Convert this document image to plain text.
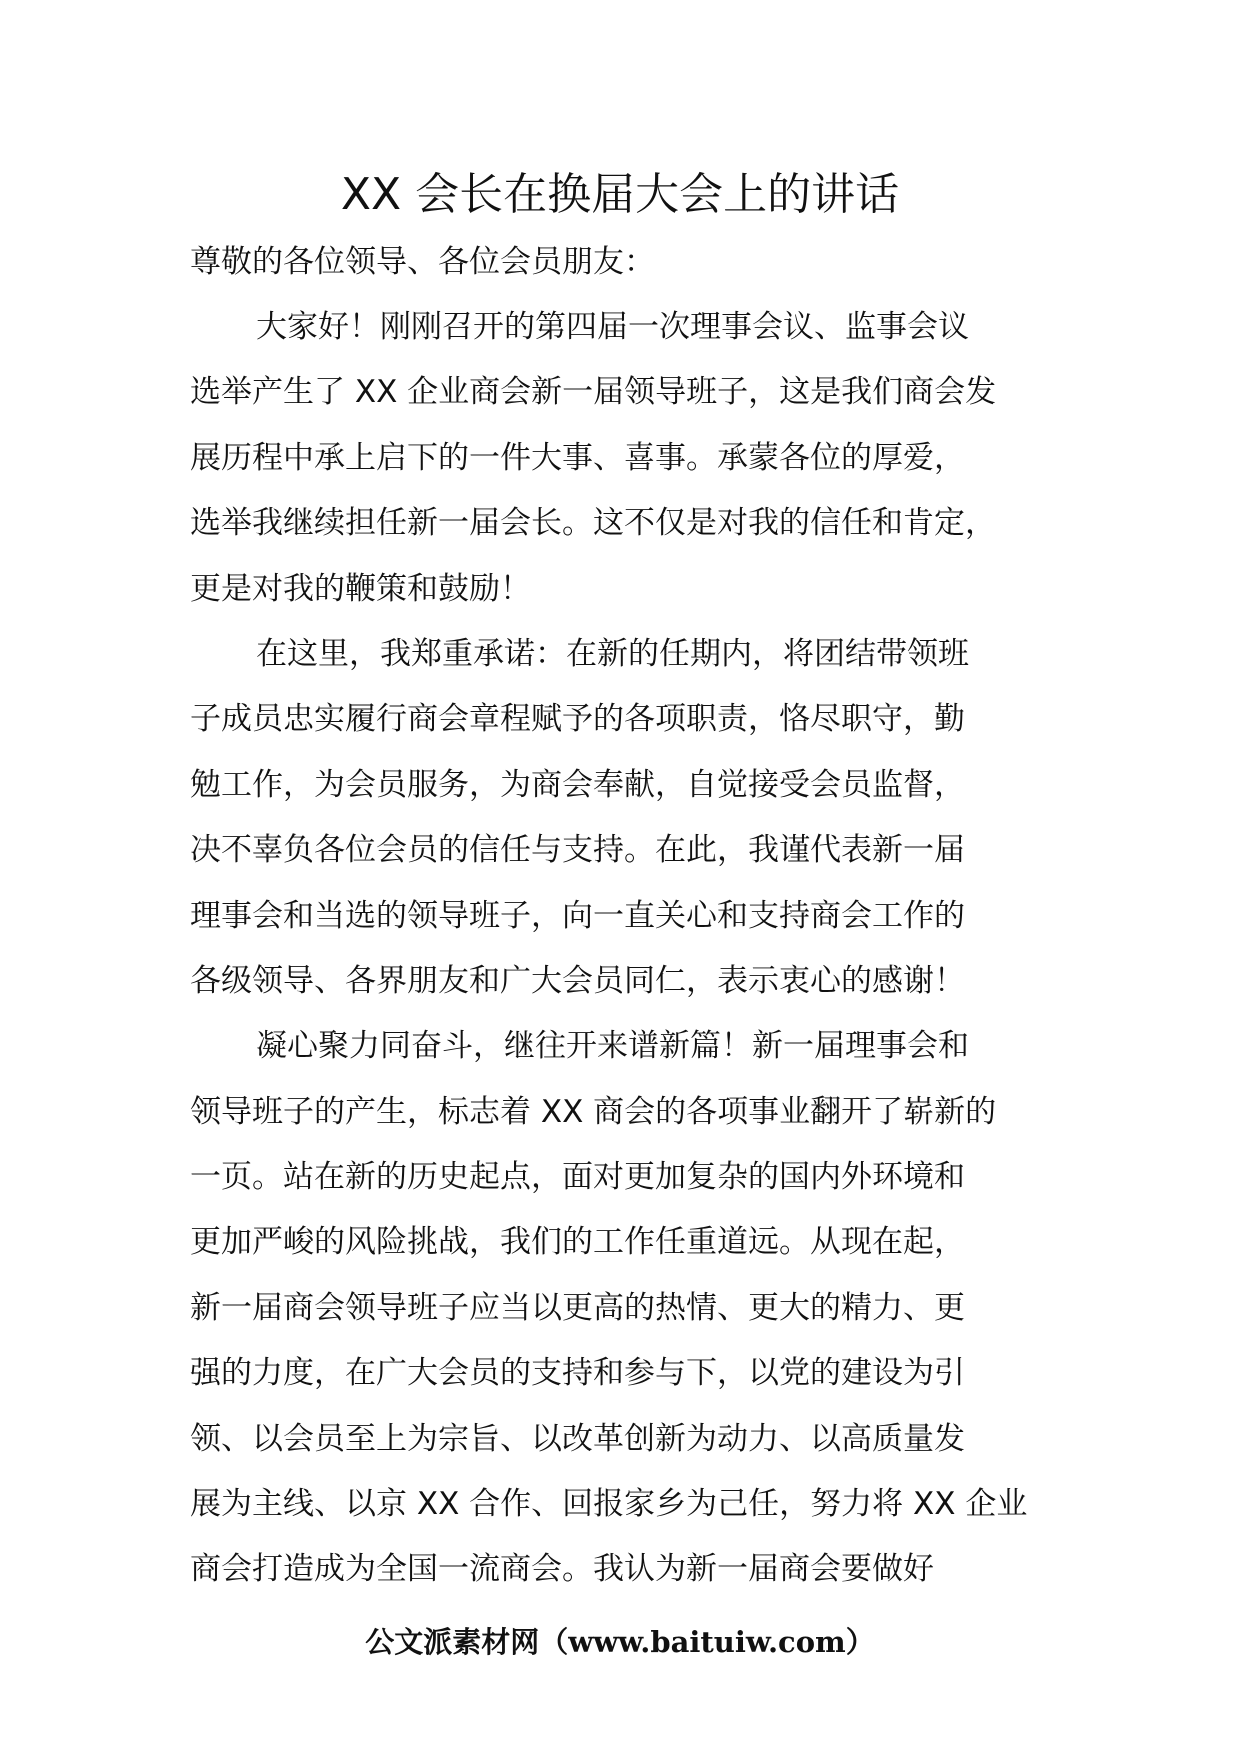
XX 会长在换届大会上的讲话

尊敬的各位领导、各位会员朋友：

大家好！刚刚召开的第四届一次理事会议、监事会议

选举产生了 XX 企业商会新一届领导班子，这是我们商会发

展历程中承上启下的一件大事、喜事。承蒙各位的厚爱，

选举我继续担任新一届会长。这不仅是对我的信任和肯定，

更是对我的鞭策和鼓励！

在这里，我郑重承诺：在新的任期内，将团结带领班

子成员忠实履行商会章程赋予的各项职责，恪尽职守，勤

勉工作，为会员服务，为商会奉献，自觉接受会员监督，

决不辜负各位会员的信任与支持。在此，我谨代表新一届

理事会和当选的领导班子，向一直关心和支持商会工作的

各级领导、各界朋友和广大会员同仁，表示衷心的感谢！

凝心聚力同奋斗，继往开来谱新篇！新一届理事会和

领导班子的产生，标志着 XX 商会的各项事业翻开了崭新的

一页。站在新的历史起点，面对更加复杂的国内外环境和

更加严峻的风险挑战，我们的工作任重道远。从现在起，

新一届商会领导班子应当以更高的热情、更大的精力、更

强的力度，在广大会员的支持和参与下，以党的建设为引

领、以会员至上为宗旨、以改革创新为动力、以高质量发

展为主线、以京 XX 合作、回报家乡为己任，努力将 XX 企业

商会打造成为全国一流商会。我认为新一届商会要做好

公文派素材网（www.baituiw.com）
